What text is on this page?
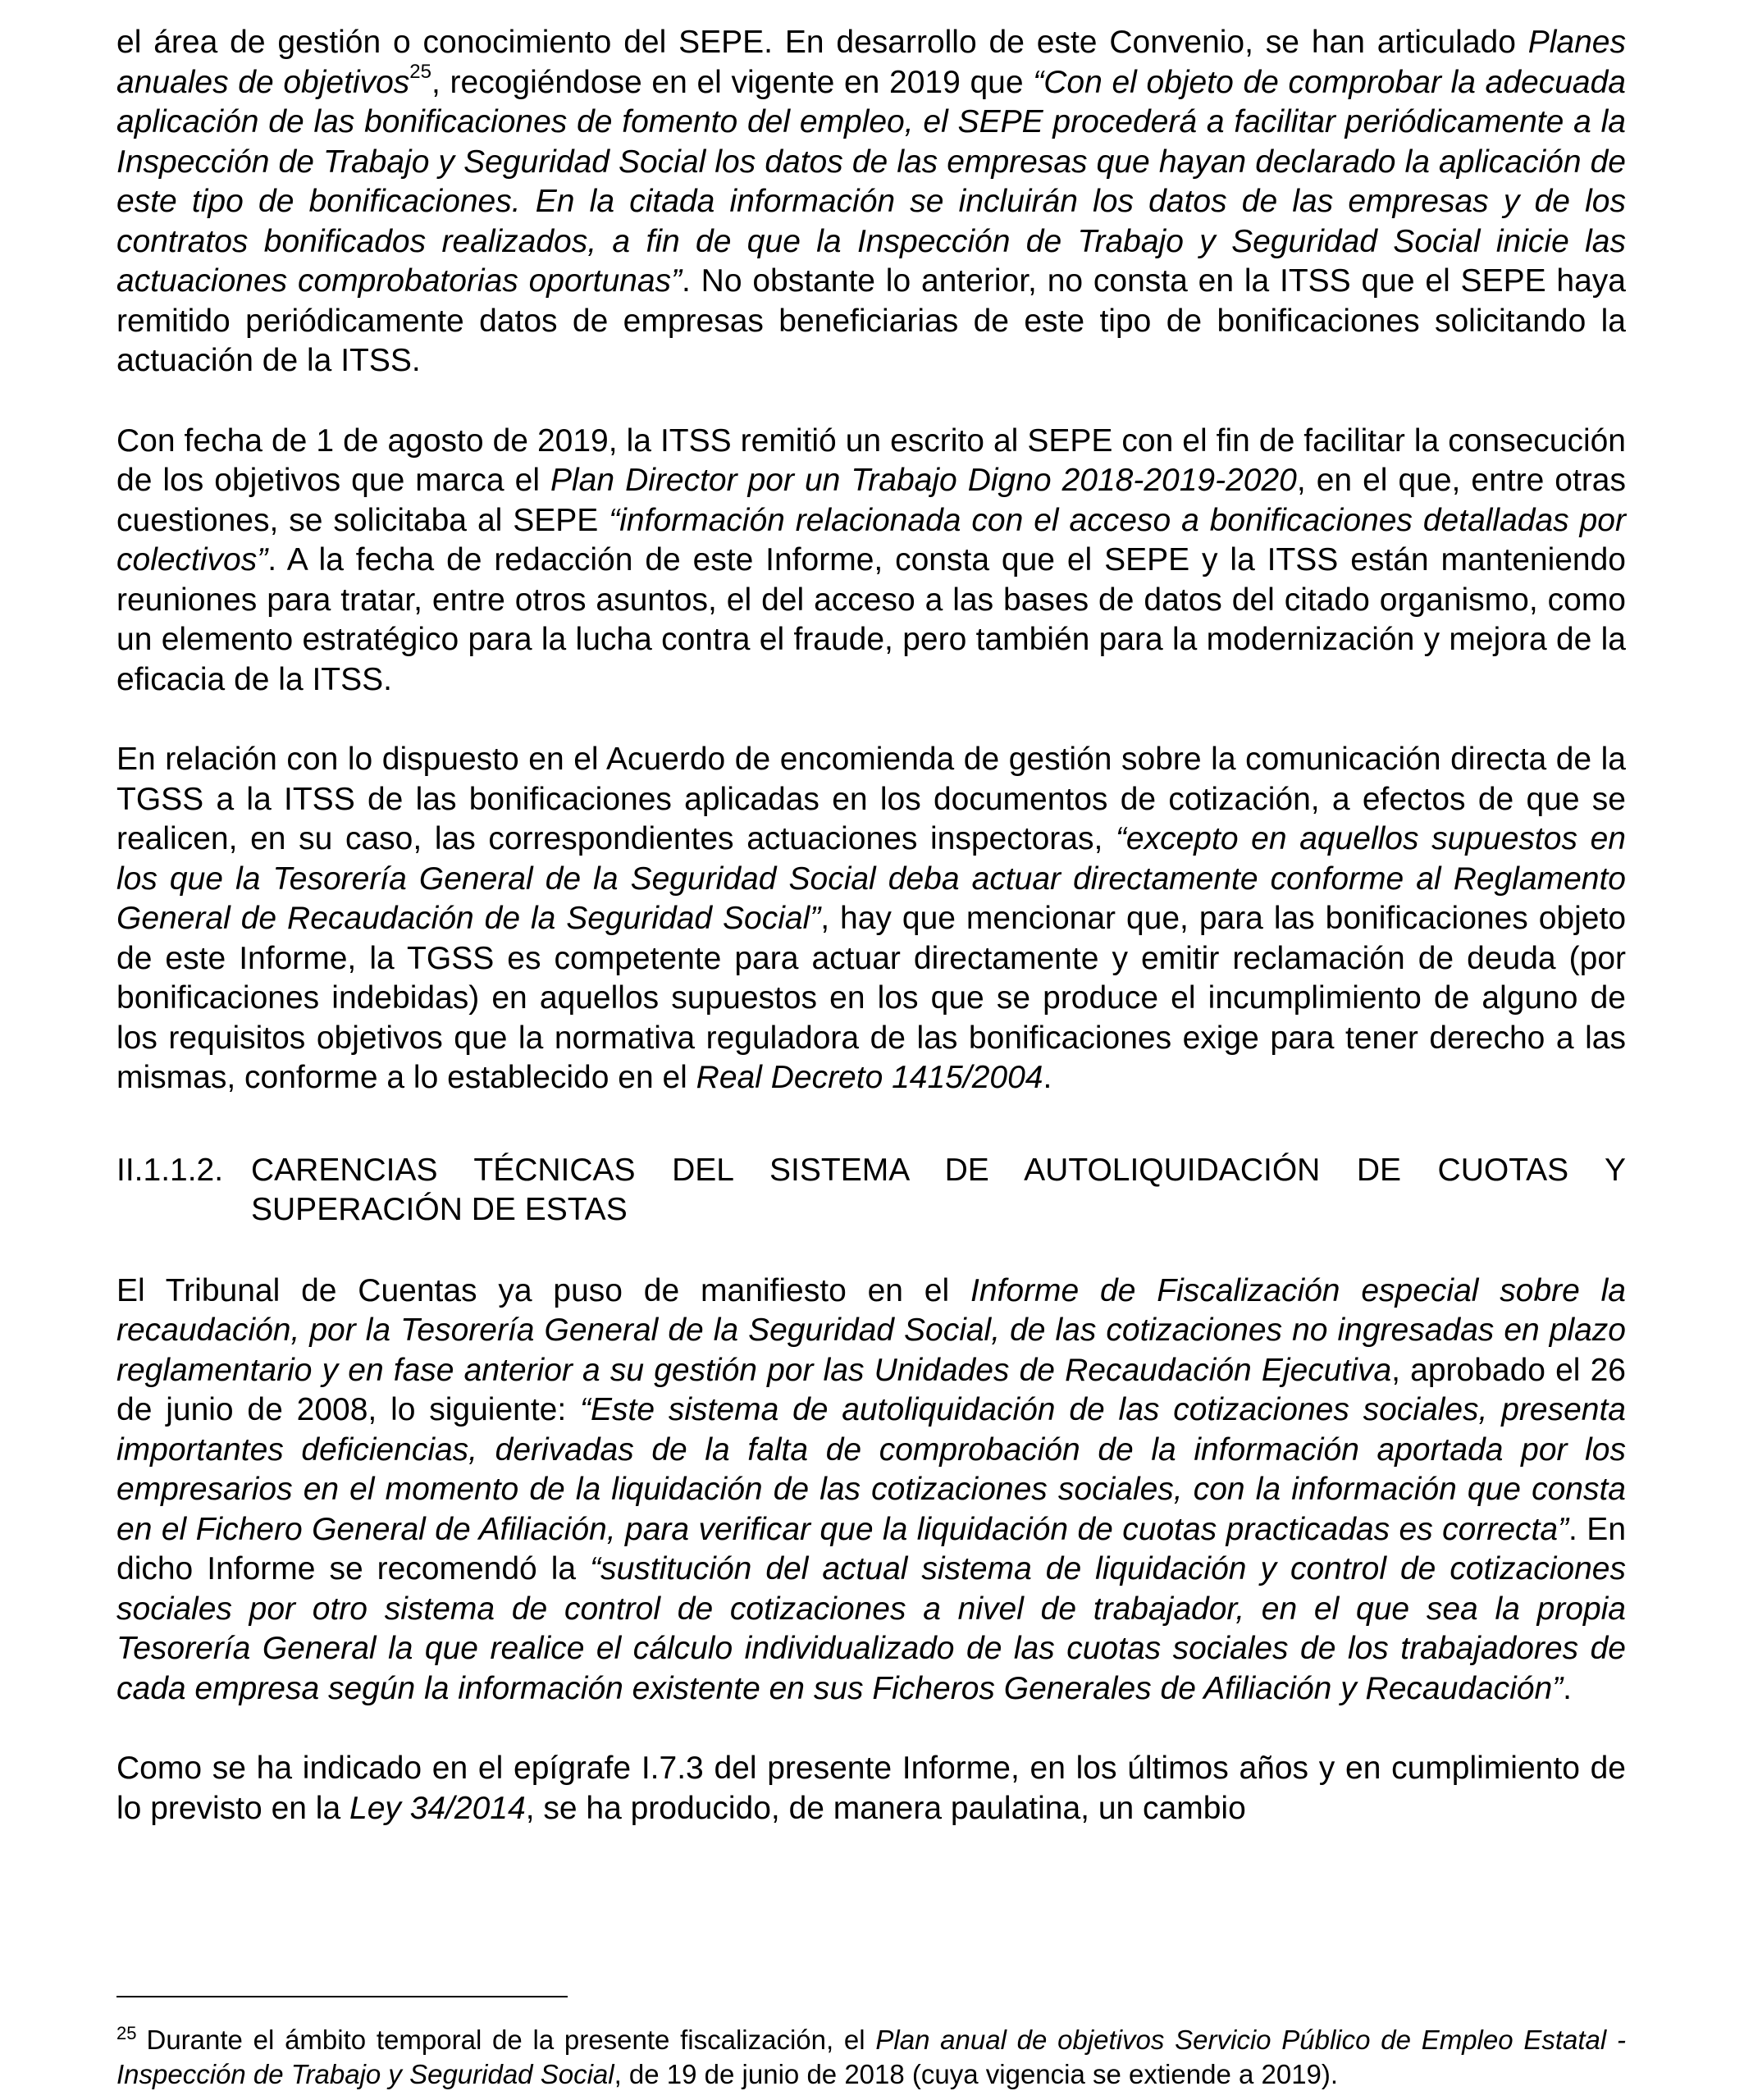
el área de gestión o conocimiento del SEPE. En desarrollo de este Convenio, se han articulado Planes anuales de objetivos$^{25}$, recogiéndose en el vigente en 2019 que “Con el objeto de comprobar la adecuada aplicación de las bonificaciones de fomento del empleo, el SEPE procederá a facilitar periódicamente a la Inspección de Trabajo y Seguridad Social los datos de las empresas que hayan declarado la aplicación de este tipo de bonificaciones. En la citada información se incluirán los datos de las empresas y de los contratos bonificados realizados, a fin de que la Inspección de Trabajo y Seguridad Social inicie las actuaciones comprobatorias oportunas”. No obstante lo anterior, no consta en la ITSS que el SEPE haya remitido periódicamente datos de empresas beneficiarias de este tipo de bonificaciones solicitando la actuación de la ITSS.

Con fecha de 1 de agosto de 2019, la ITSS remitió un escrito al SEPE con el fin de facilitar la consecución de los objetivos que marca el Plan Director por un Trabajo Digno 2018-2019-2020, en el que, entre otras cuestiones, se solicitaba al SEPE “información relacionada con el acceso a bonificaciones detalladas por colectivos”. A la fecha de redacción de este Informe, consta que el SEPE y la ITSS están manteniendo reuniones para tratar, entre otros asuntos, el del acceso a las bases de datos del citado organismo, como un elemento estratégico para la lucha contra el fraude, pero también para la modernización y mejora de la eficacia de la ITSS.

En relación con lo dispuesto en el Acuerdo de encomienda de gestión sobre la comunicación directa de la TGSS a la ITSS de las bonificaciones aplicadas en los documentos de cotización, a efectos de que se realicen, en su caso, las correspondientes actuaciones inspectoras, “excepto en aquellos supuestos en los que la Tesorería General de la Seguridad Social deba actuar directamente conforme al Reglamento General de Recaudación de la Seguridad Social”, hay que mencionar que, para las bonificaciones objeto de este Informe, la TGSS es competente para actuar directamente y emitir reclamación de deuda (por bonificaciones indebidas) en aquellos supuestos en los que se produce el incumplimiento de alguno de los requisitos objetivos que la normativa reguladora de las bonificaciones exige para tener derecho a las mismas, conforme a lo establecido en el Real Decreto 1415/2004.

II.1.1.2. CARENCIAS TÉCNICAS DEL SISTEMA DE AUTOLIQUIDACIÓN DE CUOTAS Y
SUPERACIÓN DE ESTAS

El Tribunal de Cuentas ya puso de manifiesto en el Informe de Fiscalización especial sobre la recaudación, por la Tesorería General de la Seguridad Social, de las cotizaciones no ingresadas en plazo reglamentario y en fase anterior a su gestión por las Unidades de Recaudación Ejecutiva, aprobado el 26 de junio de 2008, lo siguiente: “Este sistema de autoliquidación de las cotizaciones sociales, presenta importantes deficiencias, derivadas de la falta de comprobación de la información aportada por los empresarios en el momento de la liquidación de las cotizaciones sociales, con la información que consta en el Fichero General de Afiliación, para verificar que la liquidación de cuotas practicadas es correcta”. En dicho Informe se recomendó la “sustitución del actual sistema de liquidación y control de cotizaciones sociales por otro sistema de control de cotizaciones a nivel de trabajador, en el que sea la propia Tesorería General la que realice el cálculo individualizado de las cuotas sociales de los trabajadores de cada empresa según la información existente en sus Ficheros Generales de Afiliación y Recaudación”.

Como se ha indicado en el epígrafe I.7.3 del presente Informe, en los últimos años y en cumplimiento de lo previsto en la Ley 34/2014, se ha producido, de manera paulatina, un cambio

$^{25}$ Durante el ámbito temporal de la presente fiscalización, el Plan anual de objetivos Servicio Público de Empleo Estatal - Inspección de Trabajo y Seguridad Social, de 19 de junio de 2018 (cuya vigencia se extiende a 2019).
